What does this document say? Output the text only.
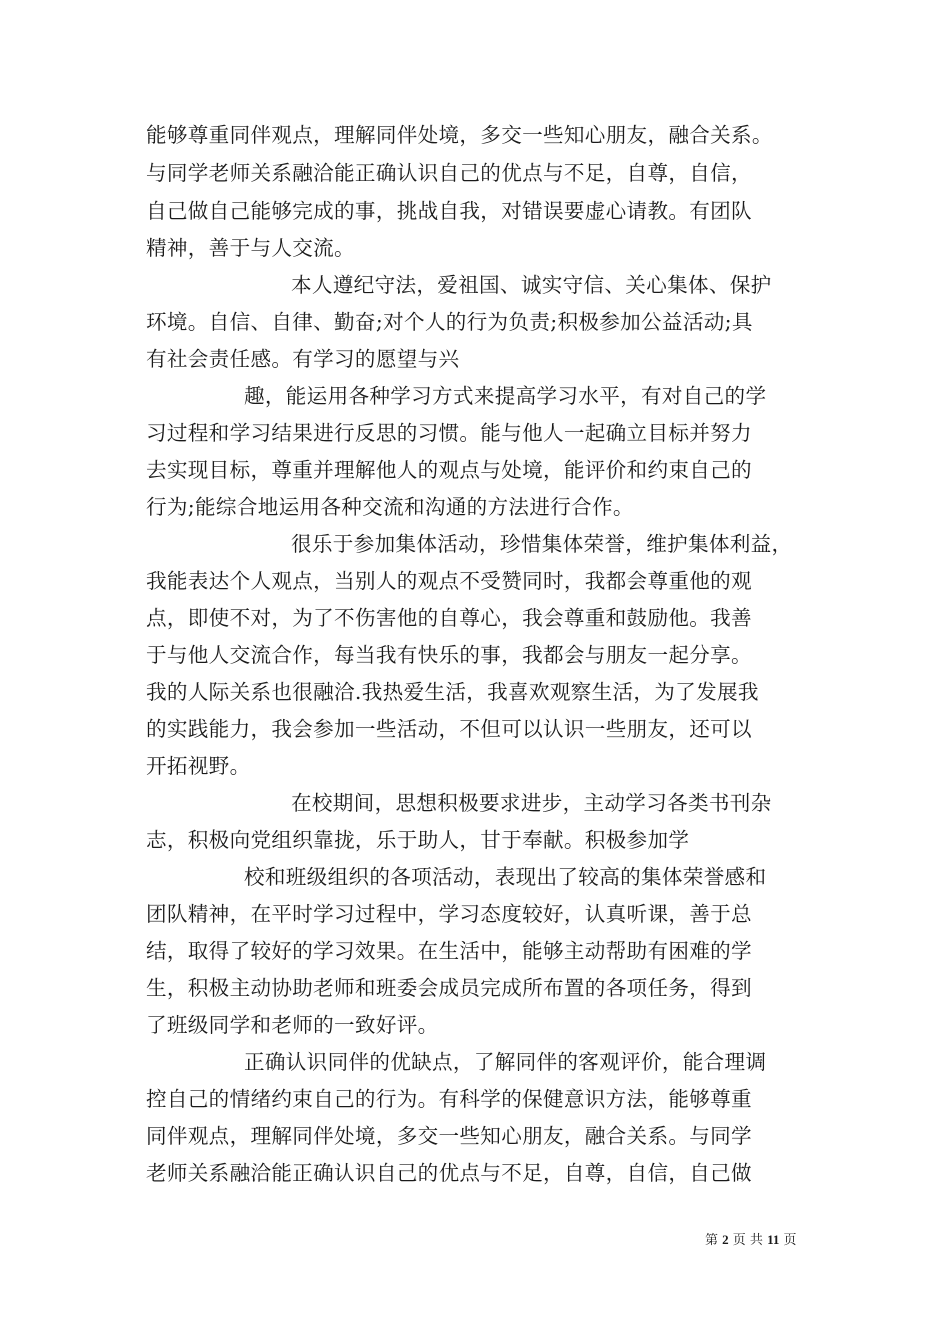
能够尊重同伴观点，理解同伴处境，多交一些知心朋友，融合关系。
与同学老师关系融洽能正确认识自己的优点与不足，自尊，自信，
自己做自己能够完成的事，挑战自我，对错误要虚心请教。有团队
精神，善于与人交流。
本人遵纪守法，爱祖国、诚实守信、关心集体、保护
环境。自信、自律、勤奋;对个人的行为负责;积极参加公益活动;具
有社会责任感。有学习的愿望与兴
趣，能运用各种学习方式来提高学习水平，有对自己的学
习过程和学习结果进行反思的习惯。能与他人一起确立目标并努力
去实现目标，尊重并理解他人的观点与处境，能评价和约束自己的
行为;能综合地运用各种交流和沟通的方法进行合作。
很乐于参加集体活动，珍惜集体荣誉，维护集体利益，
我能表达个人观点，当别人的观点不受赞同时，我都会尊重他的观
点，即使不对，为了不伤害他的自尊心，我会尊重和鼓励他。我善
于与他人交流合作，每当我有快乐的事，我都会与朋友一起分享。
我的人际关系也很融洽.我热爱生活，我喜欢观察生活，为了发展我
的实践能力，我会参加一些活动，不但可以认识一些朋友，还可以
开拓视野。
在校期间，思想积极要求进步，主动学习各类书刊杂
志，积极向党组织靠拢，乐于助人，甘于奉献。积极参加学
校和班级组织的各项活动，表现出了较高的集体荣誉感和
团队精神，在平时学习过程中，学习态度较好，认真听课，善于总
结，取得了较好的学习效果。在生活中，能够主动帮助有困难的学
生，积极主动协助老师和班委会成员完成所布置的各项任务，得到
了班级同学和老师的一致好评。
正确认识同伴的优缺点，了解同伴的客观评价，能合理调
控自己的情绪约束自己的行为。有科学的保健意识方法，能够尊重
同伴观点，理解同伴处境，多交一些知心朋友，融合关系。与同学
老师关系融洽能正确认识自己的优点与不足，自尊，自信，自己做
第 2 页 共 11 页
